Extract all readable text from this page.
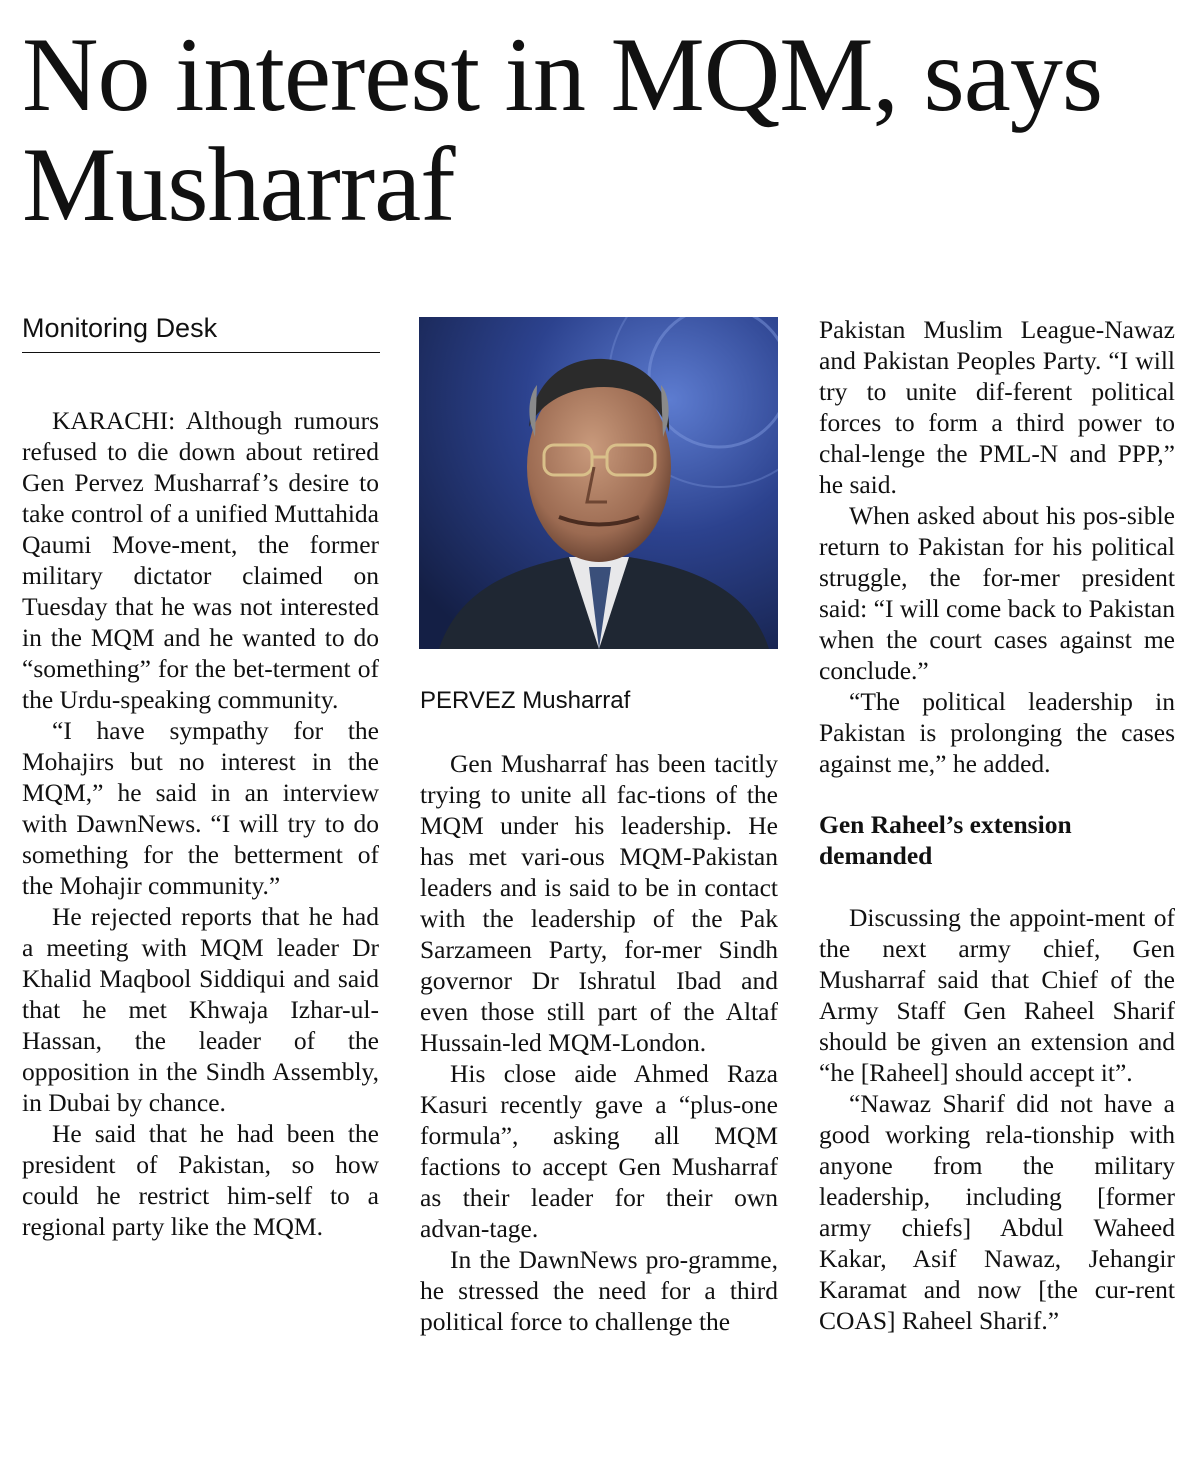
No interest in MQM, says Musharraf
Monitoring Desk

KARACHI: Although rumours refused to die down about retired Gen Pervez Musharraf’s desire to take control of a unified Muttahida Qaumi Move-ment, the former military dictator claimed on Tuesday that he was not interested in the MQM and he wanted to do “something” for the bet-terment of the Urdu-speaking community.

“I have sympathy for the Mohajirs but no interest in the MQM,” he said in an interview with DawnNews. “I will try to do something for the betterment of the Mohajir community.”

He rejected reports that he had a meeting with MQM leader Dr Khalid Maqbool Siddiqui and said that he met Khwaja Izhar-ul-Hassan, the leader of the opposition in the Sindh Assembly, in Dubai by chance.

He said that he had been the president of Pakistan, so how could he restrict him-self to a regional party like the MQM.

PERVEZ Musharraf

Gen Musharraf has been tacitly trying to unite all fac-tions of the MQM under his leadership. He has met vari-ous MQM-Pakistan leaders and is said to be in contact with the leadership of the Pak Sarzameen Party, for-mer Sindh governor Dr Ishratul Ibad and even those still part of the Altaf Hussain-led MQM-London.

His close aide Ahmed Raza Kasuri recently gave a “plus-one formula”, asking all MQM factions to accept Gen Musharraf as their leader for their own advan-tage.

In the DawnNews pro-gramme, he stressed the need for a third political force to challenge the

Pakistan Muslim League-Nawaz and Pakistan Peoples Party. “I will try to unite dif-ferent political forces to form a third power to chal-lenge the PML-N and PPP,” he said.

When asked about his pos-sible return to Pakistan for his political struggle, the for-mer president said: “I will come back to Pakistan when the court cases against me conclude.”

“The political leadership in Pakistan is prolonging the cases against me,” he added.

Gen Raheel’s extension demanded

Discussing the appoint-ment of the next army chief, Gen Musharraf said that Chief of the Army Staff Gen Raheel Sharif should be given an extension and “he [Raheel] should accept it”.

“Nawaz Sharif did not have a good working rela-tionship with anyone from the military leadership, including [former army chiefs] Abdul Waheed Kakar, Asif Nawaz, Jehangir Karamat and now [the cur-rent COAS] Raheel Sharif.”
